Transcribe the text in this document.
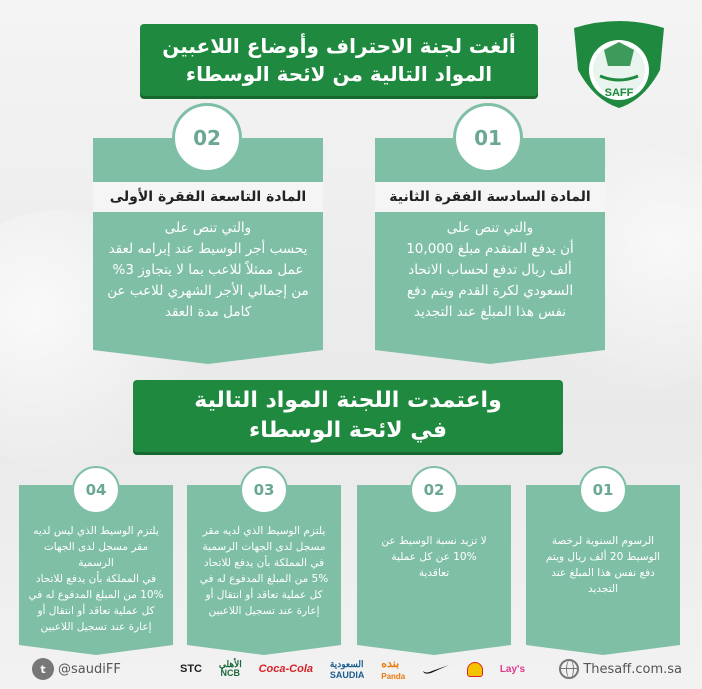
SAFF
ألغت لجنة الاحتراف وأوضاع اللاعبين
المواد التالية من لائحة الوسطاء
المادة السادسة الفقرة الثانية
والتي تنص على
أن يدفع المتقدم مبلغ 10,000
ألف ريال تدفع لحساب الاتحاد
السعودي لكرة القدم ويتم دفع
نفس هذا المبلغ عند التجديد
01
المادة التاسعة الفقرة الأولى
والتي تنص على
يحسب أجر الوسيط عند إبرامه لعقد
عمل ممثلاً للاعب بما لا يتجاوز 3%
من إجمالي الأجر الشهري للاعب عن
كامل مدة العقد
02
واعتمدت اللجنة المواد التالية
في لائحة الوسطاء
الرسوم السنوية لرخصة
الوسيط 20 ألف ريال ويتم
دفع نفس هذا المبلغ عند
التجديد
01
لا تزيد نسبة الوسيط عن
10% عن كل عملية
تعاقدية
02
يلتزم الوسيط الذي لديه مقر
مسجل لدى الجهات الرسمية
في المملكة بأن يدفع للاتحاد
5% من المبلغ المدفوع له في
كل عملية تعاقد أو انتقال أو
إعارة عند تسجيل اللاعبين
03
يلتزم الوسيط الذي ليس لديه
مقر مسجل لدى الجهات الرسمية
في المملكة بأن يدفع للاتحاد
10% من المبلغ المدفوع له في
كل عملية تعاقد أو انتقال أو
إعارة عند تسجيل اللاعبين
04
t @saudiFF	STC الأهلي
NCB Coca-Cola السعودية
SAUDIA
بنده
Panda
Lay's	Thesaff.com.sa
